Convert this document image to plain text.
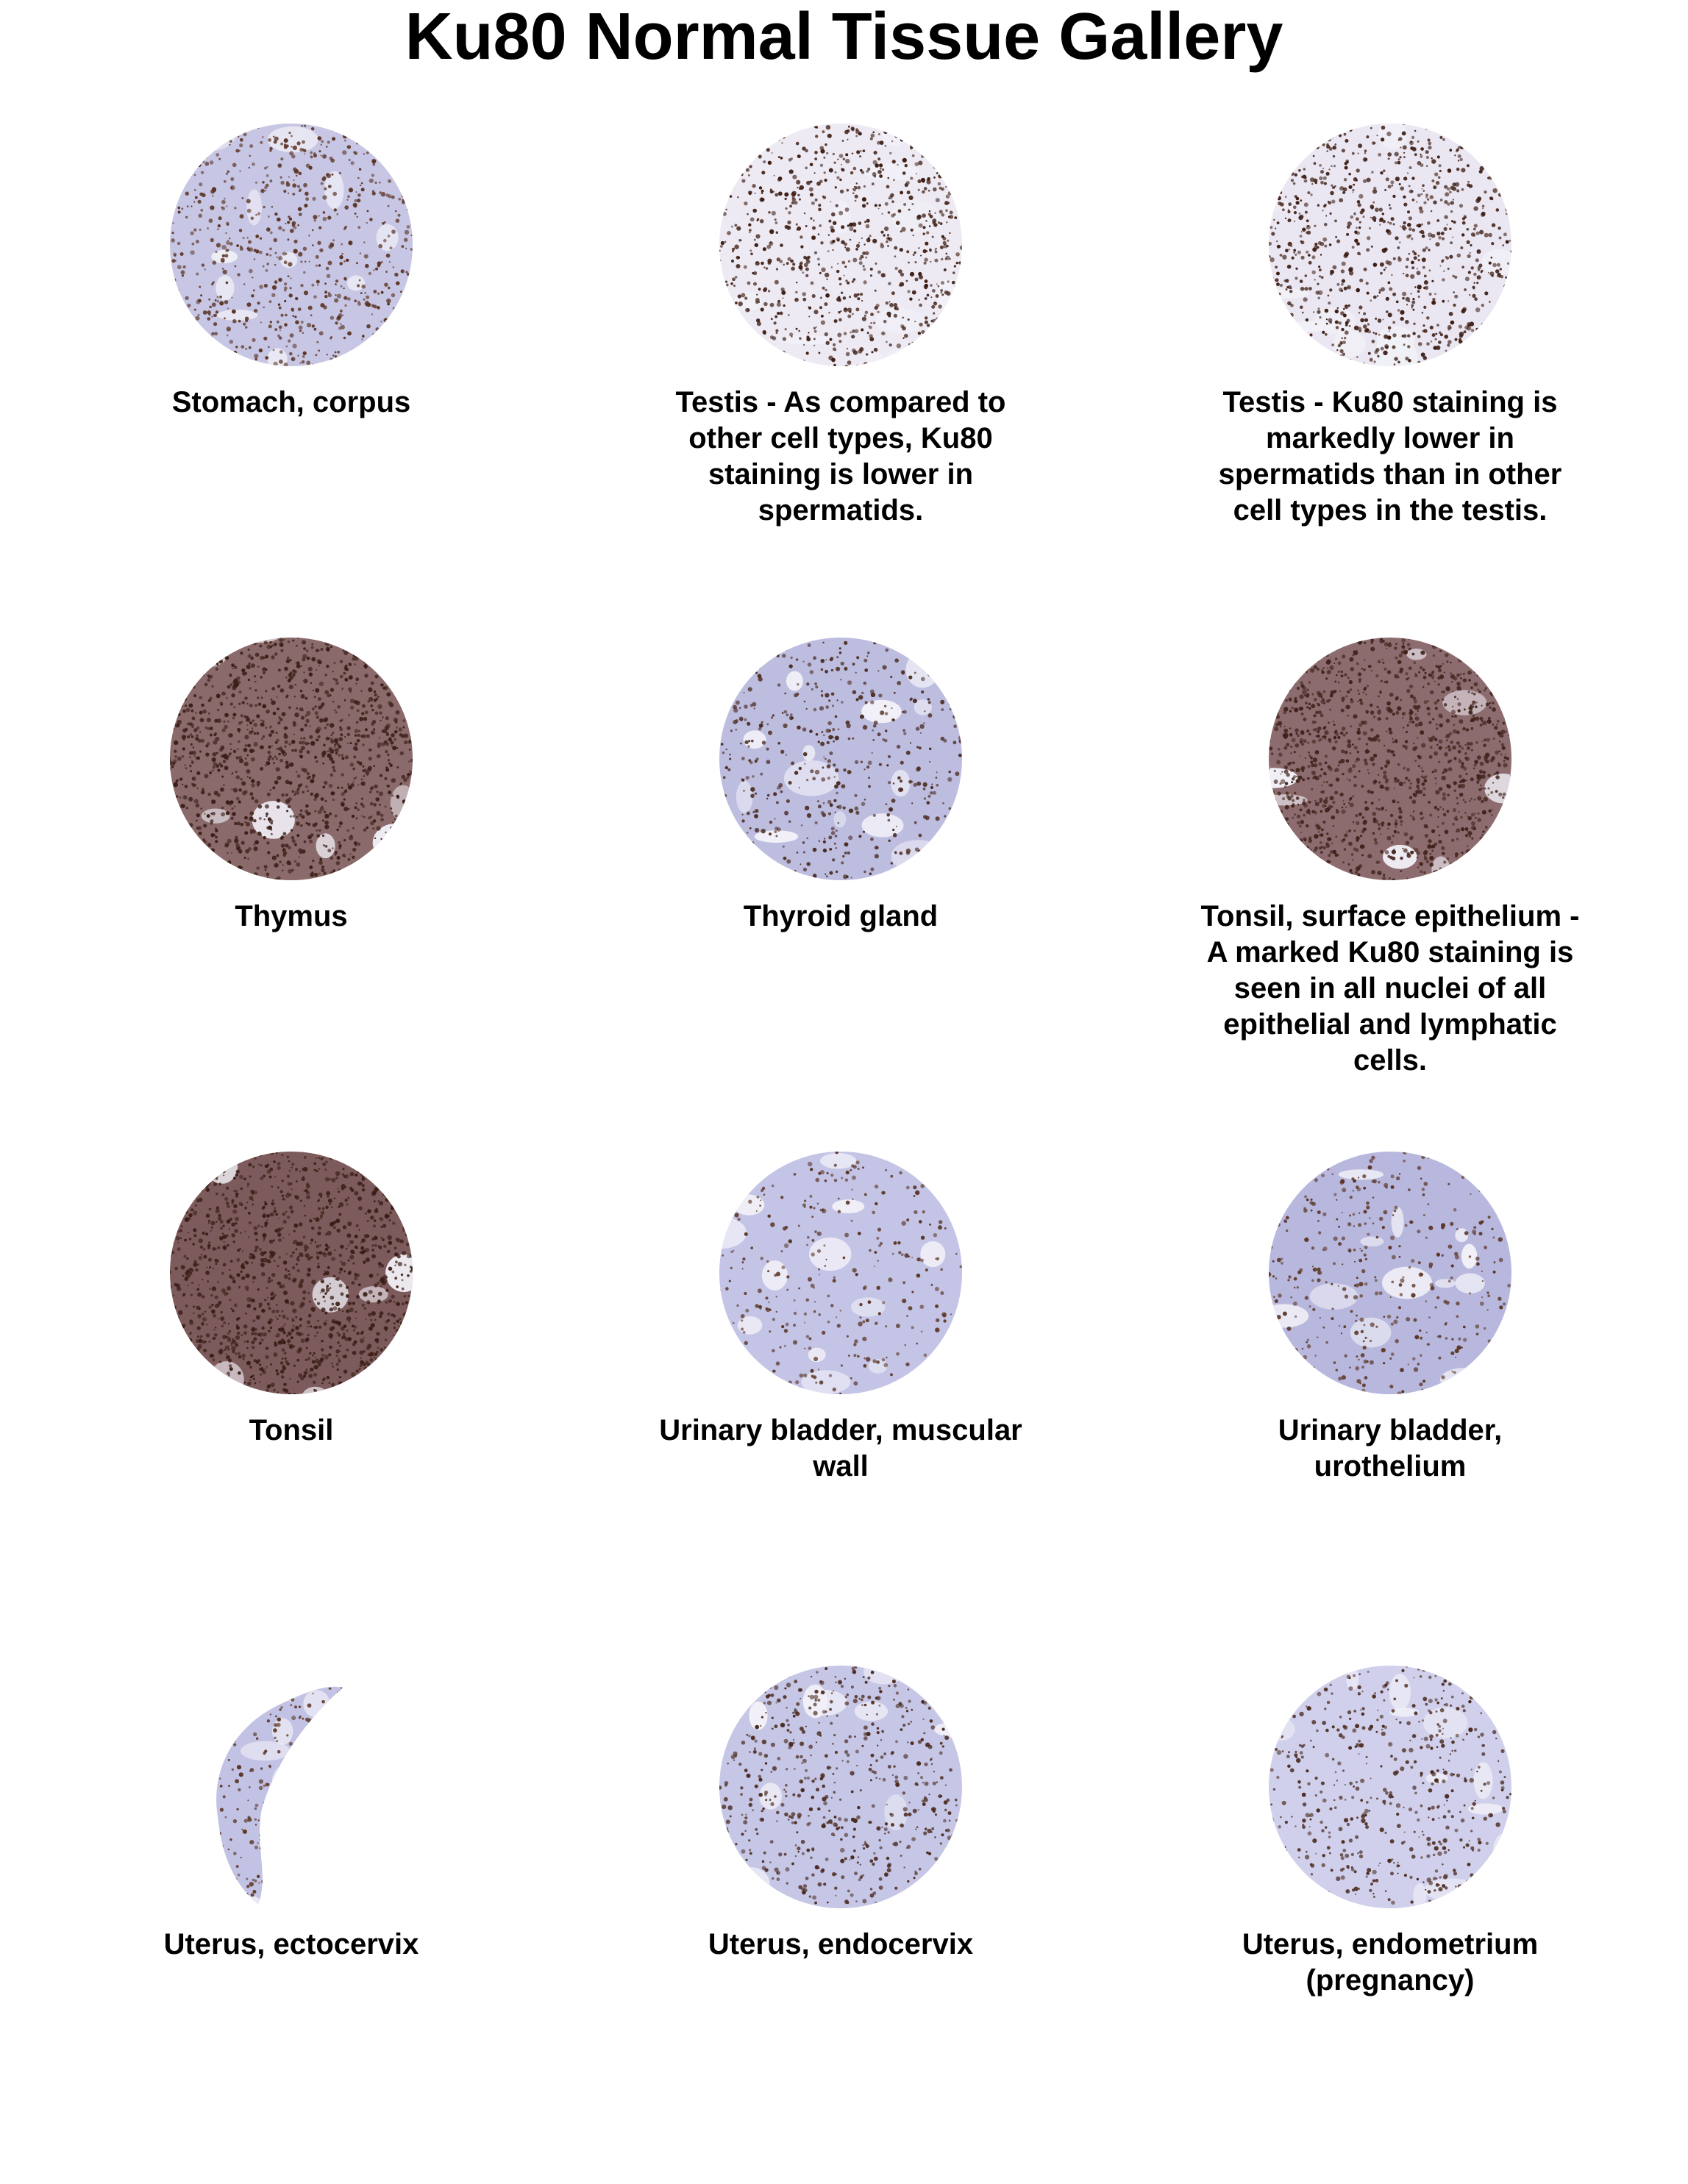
Ku80 Normal Tissue Gallery

Stomach, corpus	Testis - As compared to other cell types, Ku80 staining is lower in spermatids.

Testis - Ku80 staining is markedly lower in spermatids than in other cell types in the testis.

Thymus	Thyroid gland	Tonsil, surface epithelium - A marked Ku80 staining is seen in all nuclei of all epithelial and lymphatic cells.

Tonsil	Urinary bladder, muscular wall

Urinary bladder, urothelium

Uterus, ectocervix	Uterus, endocervix	Uterus, endometrium (pregnancy)
